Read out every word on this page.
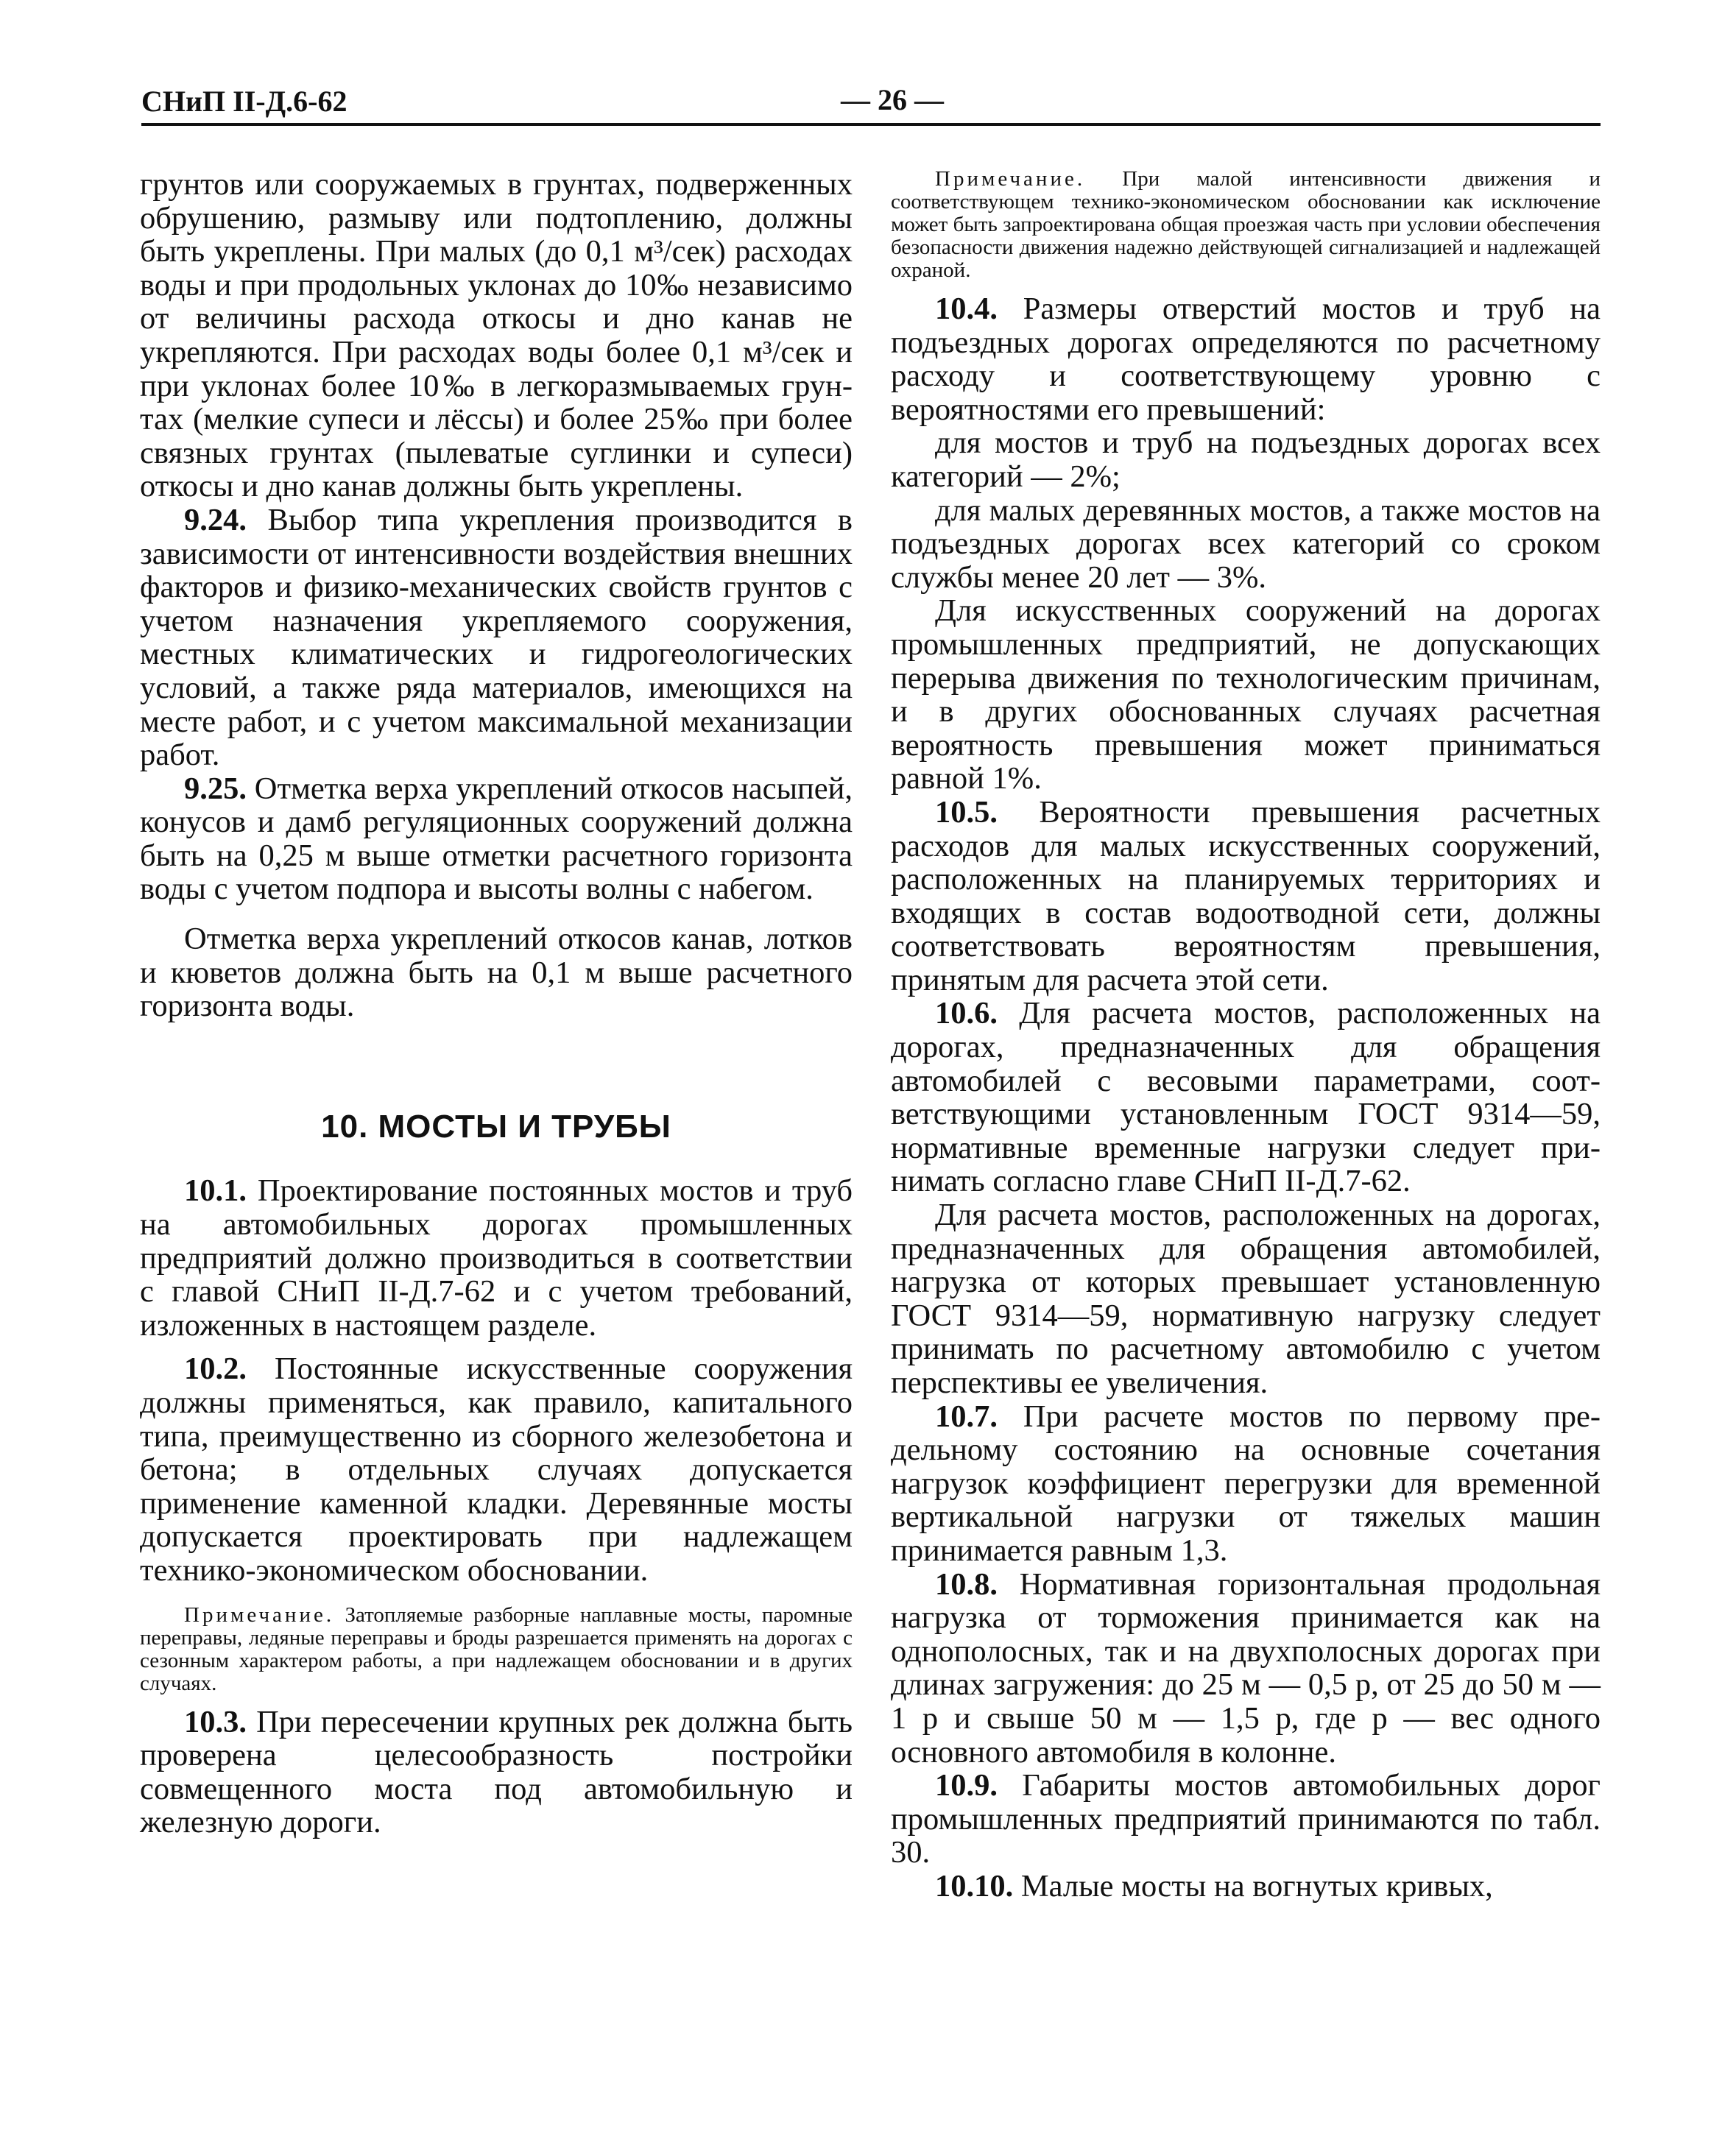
СНиП II-Д.6-62	— 26 —

грунтов или сооружаемых в грунтах, подверженных обрушению, размыву или подтоплению, должны быть укреплены. При малых (до 0,1 м³/сек) расходах воды и при продольных уклонах до 10‰ независимо от величины расхода откосы и дно канав не укрепляются. При расходах воды более 0,1 м³/сек и при уклонах более 10‰ в легкоразмываемых грунтах (мелкие супеси и лёссы) и более 25‰ при более связных грунтах (пылеватые суглинки и супеси) откосы и дно канав должны быть укреплены.

9.24. Выбор типа укрепления производится в зависимости от интенсивности воздействия внешних факторов и физико-механических свойств грунтов с учетом назначения укрепляемого сооружения, местных климатических и гидрогеологических условий, а также ряда материалов, имеющихся на месте работ, и с учетом максимальной механизации работ.

9.25. Отметка верха укреплений откосов насыпей, конусов и дамб регуляционных сооружений должна быть на 0,25 м выше отметки расчетного горизонта воды с учетом подпора и высоты волны с набегом.

Отметка верха укреплений откосов канав, лотков и кюветов должна быть на 0,1 м выше расчетного горизонта воды.

10. МОСТЫ И ТРУБЫ

10.1. Проектирование постоянных мостов и труб на автомобильных дорогах промышленных предприятий должно производиться в соответствии с главой СНиП II-Д.7-62 и с учетом требований, изложенных в настоящем разделе.

10.2. Постоянные искусственные сооружения должны применяться, как правило, капитального типа, преимущественно из сборного железобетона и бетона; в отдельных случаях допускается применение каменной кладки. Деревянные мосты допускается проектировать при надлежащем технико-экономическом обосновании.

Примечание. Затопляемые разборные наплавные мосты, паромные переправы, ледяные переправы и броды разрешается применять на дорогах с сезонным характером работы, а при надлежащем обосновании и в других случаях.

10.3. При пересечении крупных рек должна быть проверена целесообразность постройки совмещенного моста под автомобильную и железную дороги.

Примечание. При малой интенсивности движения и соответствующем технико-экономическом обосновании как исключение может быть запроектирована общая проезжая часть при условии обеспечения безопасности движения надежно действующей сигнализацией и надлежащей охраной.

10.4. Размеры отверстий мостов и труб на подъездных дорогах определяются по расчетному расходу и соответствующему уровню с вероятностями его превышений:

для мостов и труб на подъездных дорогах всех категорий — 2%;

для малых деревянных мостов, а также мостов на подъездных дорогах всех категорий со сроком службы менее 20 лет — 3%.

Для искусственных сооружений на дорогах промышленных предприятий, не допускающих перерыва движения по технологическим причинам, и в других обоснованных случаях расчетная вероятность превышения может приниматься равной 1%.

10.5. Вероятности превышения расчетных расходов для малых искусственных сооружений, расположенных на планируемых территориях и входящих в состав водоотводной сети, должны соответствовать вероятностям превышения, принятым для расчета этой сети.

10.6. Для расчета мостов, расположенных на дорогах, предназначенных для обращения автомобилей с весовыми параметрами, соответствующими установленным ГОСТ 9314—59, нормативные временные нагрузки следует принимать согласно главе СНиП II-Д.7-62.

Для расчета мостов, расположенных на дорогах, предназначенных для обращения автомобилей, нагрузка от которых превышает установленную ГОСТ 9314—59, нормативную нагрузку следует принимать по расчетному автомобилю с учетом перспективы ее увеличения.

10.7. При расчете мостов по первому предельному состоянию на основные сочетания нагрузок коэффициент перегрузки для временной вертикальной нагрузки от тяжелых машин принимается равным 1,3.

10.8. Нормативная горизонтальная продольная нагрузка от торможения принимается как на однополосных, так и на двухполосных дорогах при длинах загружения: до 25 м — 0,5 p, от 25 до 50 м — 1 p и свыше 50 м — 1,5 p, где p — вес одного основного автомобиля в колонне.

10.9. Габариты мостов автомобильных дорог промышленных предприятий принимаются по табл. 30.

10.10. Малые мосты на вогнутых кривых,
